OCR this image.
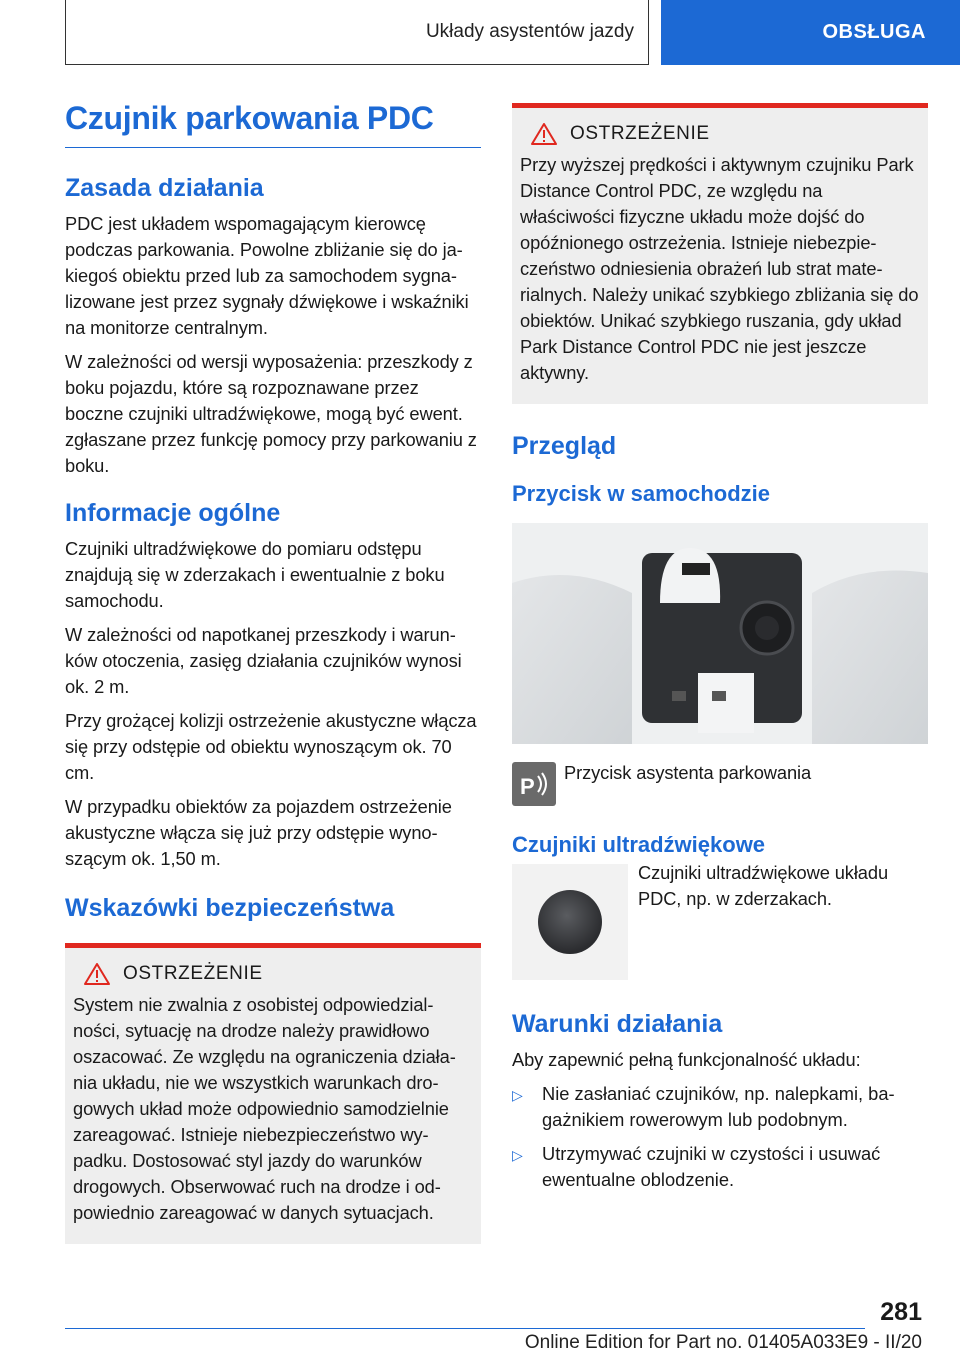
Układy asystentów jazdy	OBSŁUGA
Czujnik parkowania PDC
Zasada działania

PDC jest układem wspomagającym kierowcę podczas parkowania. Powolne zbliżanie się do jakiegoś obiektu przed lub za samochodem sygnalizowane jest przez sygnały dźwiękowe i wskaźniki na monitorze centralnym.

W zależności od wersji wyposażenia: przeszkody z boku pojazdu, które są rozpoznawane przez boczne czujniki ultradźwiękowe, mogą być ewent. zgłaszane przez funkcję pomocy przy parkowaniu z boku.

Informacje ogólne

Czujniki ultradźwiękowe do pomiaru odstępu znajdują się w zderzakach i ewentualnie z boku samochodu.

W zależności od napotkanej przeszkody i warunków otoczenia, zasięg działania czujników wynosi ok. 2 m.

Przy grożącej kolizji ostrzeżenie akustyczne włącza się przy odstępie od obiektu wynoszącym ok. 70 cm.

W przypadku obiektów za pojazdem ostrzeżenie akustyczne włącza się już przy odstępie wynoszącym ok. 1,50 m.

Wskazówki bezpieczeństwa
OSTRZEŻENIE

System nie zwalnia z osobistej odpowiedzialności, sytuację na drodze należy prawidłowo oszacować. Ze względu na ograniczenia działania układu, nie we wszystkich warunkach drogowych układ może odpowiednio samodzielnie zareagować. Istnieje niebezpieczeństwo wypadku. Dostosować styl jazdy do warunków drogowych. Obserwować ruch na drodze i odpowiednio zareagować w danych sytuacjach.

OSTRZEŻENIE

Przy wyższej prędkości i aktywnym czujniku Park Distance Control PDC, ze względu na właściwości fizyczne układu może dojść do opóźnionego ostrzeżenia. Istnieje niebezpieczeństwo odniesienia obrażeń lub strat materialnych. Należy unikać szybkiego zbliżania się do obiektów. Unikać szybkiego ruszania, gdy układ Park Distance Control PDC nie jest jeszcze aktywny.

Przegląd
Przycisk w samochodzie
P

Przycisk asystenta parkowania

Czujniki ultradźwiękowe

Czujniki ultradźwiękowe układu PDC, np. w zderzakach.

Warunki działania

Aby zapewnić pełną funkcjonalność układu:

▷ Nie zasłaniać czujników, np. nalepkami, bagażnikiem rowerowym lub podobnym.
▷ Utrzymywać czujniki w czystości i usuwać ewentualne oblodzenie.
281
Online Edition for Part no. 01405A033E9 - II/20
